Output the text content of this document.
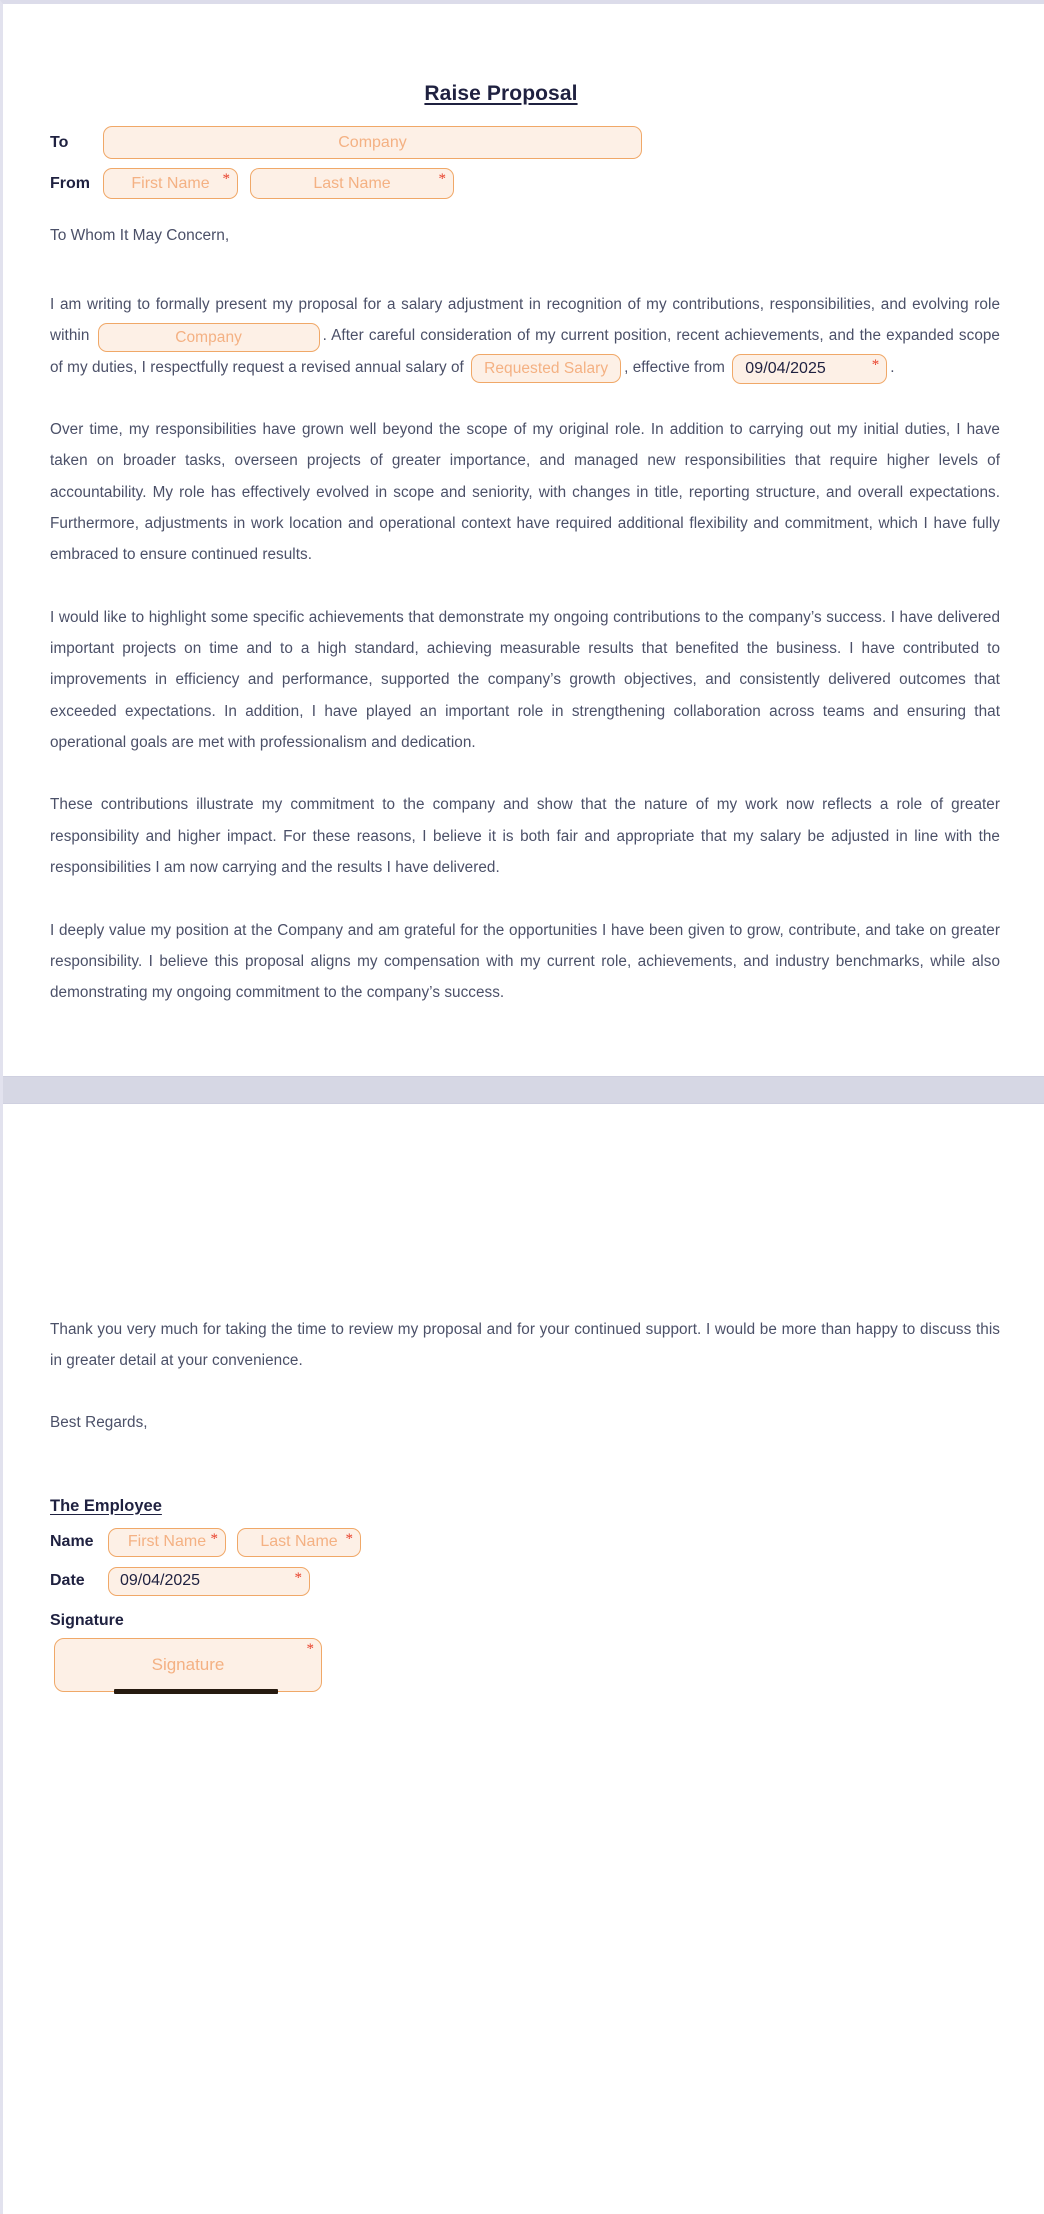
Raise Proposal
To	Company
From	First Name *	Last Name	*
To Whom It May Concern,

I am writing to formally present my proposal for a salary adjustment in recognition of my contributions, responsibilities, and evolving role within	Company	. After careful consideration of my current position, recent achievements, and the expanded scope of my duties, I respectfully request a revised annual salary of Requested Salary , effective from 09/04/2025	* .

Over time, my responsibilities have grown well beyond the scope of my original role. In addition to carrying out my initial duties, I have taken on broader tasks, overseen projects of greater importance, and managed new responsibilities that require higher levels of accountability. My role has effectively evolved in scope and seniority, with changes in title, reporting structure, and overall expectations. Furthermore, adjustments in work location and operational context have required additional flexibility and commitment, which I have fully embraced to ensure continued results.

I would like to highlight some specific achievements that demonstrate my ongoing contributions to the company’s success. I have delivered important projects on time and to a high standard, achieving measurable results that benefited the business. I have contributed to improvements in efficiency and performance, supported the company’s growth objectives, and consistently delivered outcomes that exceeded expectations. In addition, I have played an important role in strengthening collaboration across teams and ensuring that operational goals are met with professionalism and dedication.

These contributions illustrate my commitment to the company and show that the nature of my work now reflects a role of greater responsibility and higher impact. For these reasons, I believe it is both fair and appropriate that my salary be adjusted in line with the responsibilities I am now carrying and the results I have delivered.

I deeply value my position at the Company and am grateful for the opportunities I have been given to grow, contribute, and take on greater responsibility. I believe this proposal aligns my compensation with my current role, achievements, and industry benchmarks, while also demonstrating my ongoing commitment to the company’s success.

Thank you very much for taking the time to review my proposal and for your continued support. I would be more than happy to discuss this in greater detail at your convenience.

Best Regards,

The Employee
Name	First Name *	Last Name *
Date	09/04/2025	*
Signature
Signature
*
